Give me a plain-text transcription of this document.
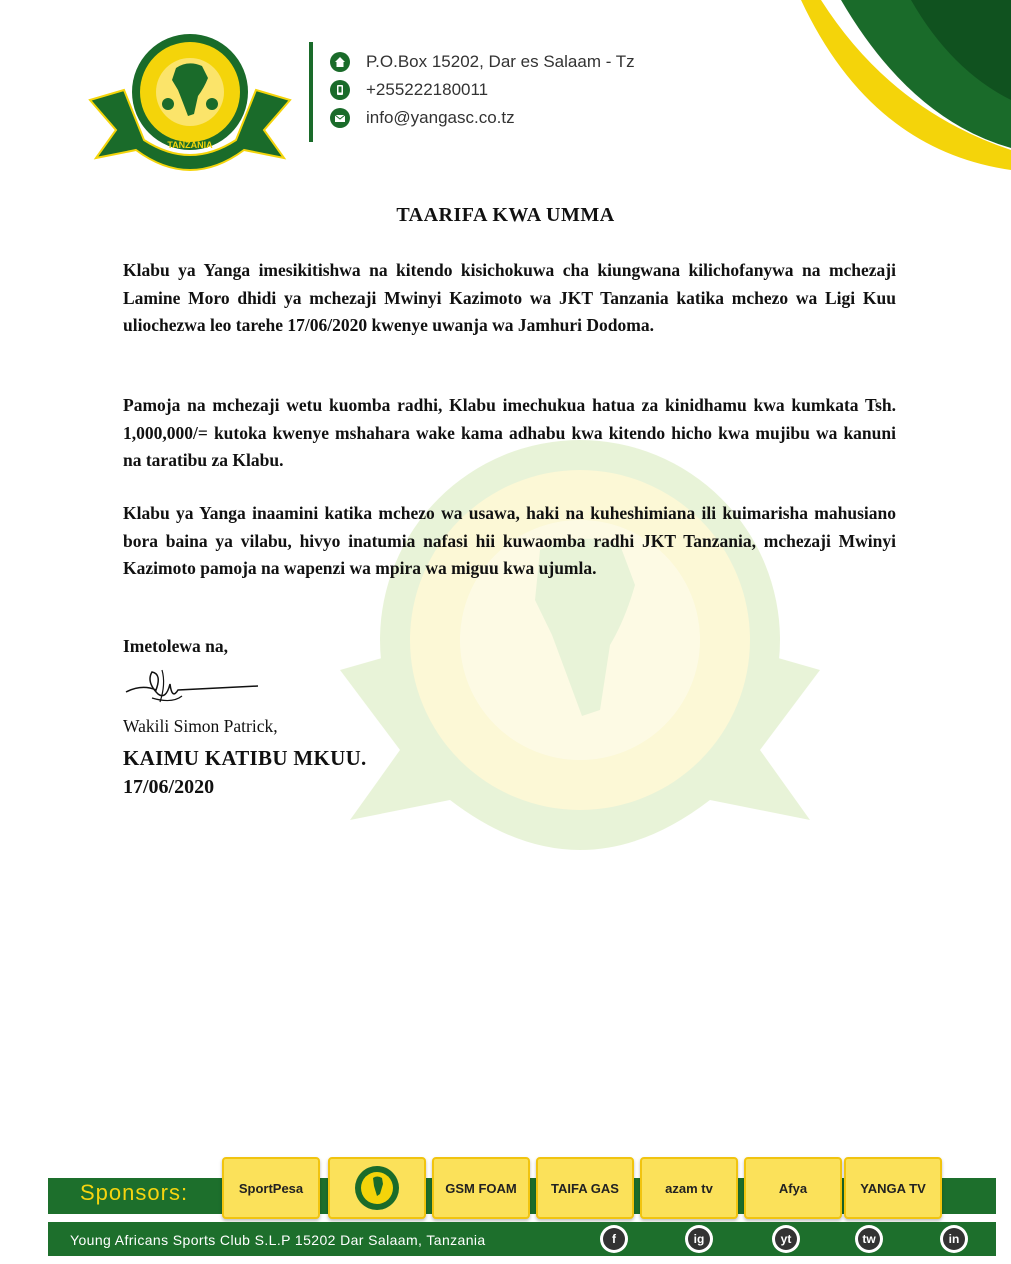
TANZANIA
P.O.Box 15202, Dar es Salaam - Tz
+255222180011
info@yangasc.co.tz
TAARIFA KWA UMMA
Klabu ya Yanga imesikitishwa na kitendo kisichokuwa cha kiungwana kilichofanywa na mchezaji Lamine Moro dhidi ya mchezaji Mwinyi Kazimoto wa JKT Tanzania katika mchezo wa Ligi Kuu uliochezwa leo tarehe 17/06/2020 kwenye uwanja wa Jamhuri Dodoma.
Pamoja na mchezaji wetu kuomba radhi, Klabu imechukua hatua za kinidhamu kwa kumkata Tsh. 1,000,000/= kutoka kwenye mshahara wake kama adhabu kwa kitendo hicho kwa mujibu wa kanuni na taratibu za Klabu.
Klabu ya Yanga inaamini katika mchezo wa usawa, haki na kuheshimiana ili kuimarisha mahusiano bora baina ya vilabu, hivyo inatumia nafasi hii kuwaomba radhi JKT Tanzania, mchezaji Mwinyi Kazimoto pamoja na wapenzi wa mpira wa miguu kwa ujumla.
Imetolewa na,
Wakili Simon Patrick,
KAIMU KATIBU MKUU.
17/06/2020
Sponsors:	SportPesa	GSM FOAM	TAIFA GAS	azam tv	Afya	YANGA TV
Young Africans Sports Club S.L.P 15202 Dar Salaam, Tanzania	f	ig	yt	tw	in
